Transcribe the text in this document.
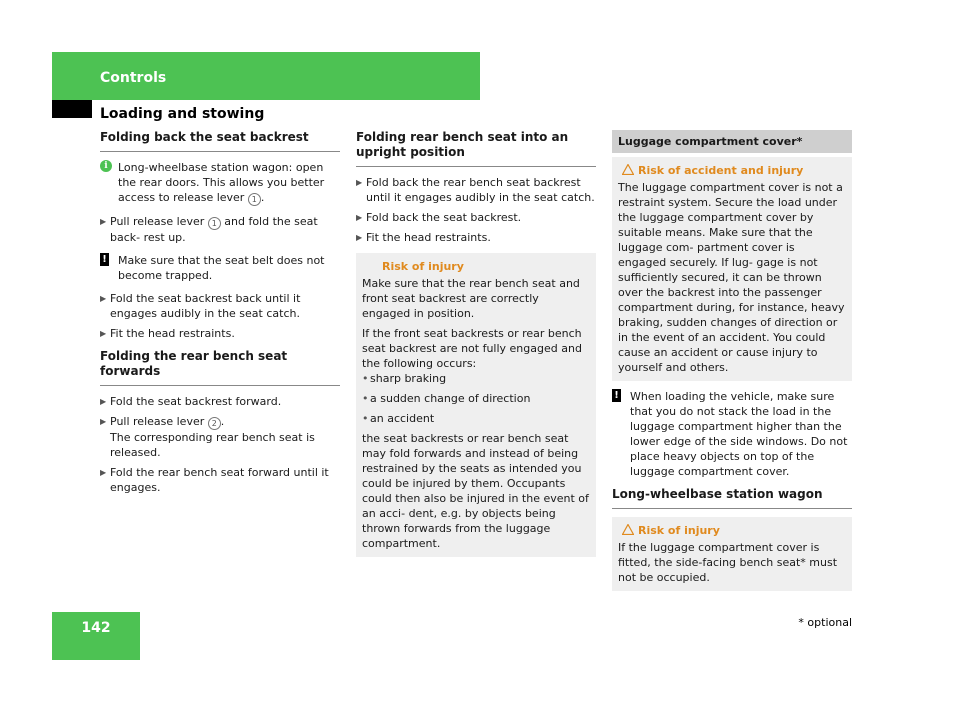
Controls
Loading and stowing
142	* optional
Folding back the seat backrest
i Long-wheelbase station wagon: open the rear doors. This allows you better access to release lever 1 .
▶ Pull release lever 1 and fold the seat back- rest up.
! Make sure that the seat belt does not become trapped.
▶ Fold the seat backrest back until it engages audibly in the seat catch.
▶ Fit the head restraints.
Folding the rear bench seat forwards
▶ Fold the seat backrest forward.
▶ Pull release lever 2 .
The corresponding rear bench seat is released.
▶ Fold the rear bench seat forward until it engages.
Folding rear bench seat into an upright position
▶ Fold back the rear bench seat backrest until it engages audibly in the seat catch.
▶ Fold back the seat backrest.
▶ Fit the head restraints.
Risk of injury

Make sure that the rear bench seat and front seat backrest are correctly engaged in position.

If the front seat backrests or rear bench seat backrest are not fully engaged and the following occurs:

• sharp braking
• a sudden change of direction
• an accident

the seat backrests or rear bench seat may fold forwards and instead of being restrained by the seats as intended you could be injured by them. Occupants could then also be injured in the event of an acci- dent, e.g. by objects being thrown forwards from the luggage compartment.

Luggage compartment cover*
Risk of accident and injury

The luggage compartment cover is not a restraint system. Secure the load under the luggage compartment cover by suitable means. Make sure that the luggage com- partment cover is engaged securely. If lug- gage is not sufficiently secured, it can be thrown over the backrest into the passenger compartment during, for instance, heavy braking, sudden changes of direction or in the event of an accident. You could cause an accident or cause injury to yourself and others.

! When loading the vehicle, make sure that you do not stack the load in the luggage compartment higher than the lower edge of the side windows. Do not place heavy objects on top of the luggage compartment cover.
Long-wheelbase station wagon
Risk of injury

If the luggage compartment cover is fitted, the side-facing bench seat* must not be occupied.
